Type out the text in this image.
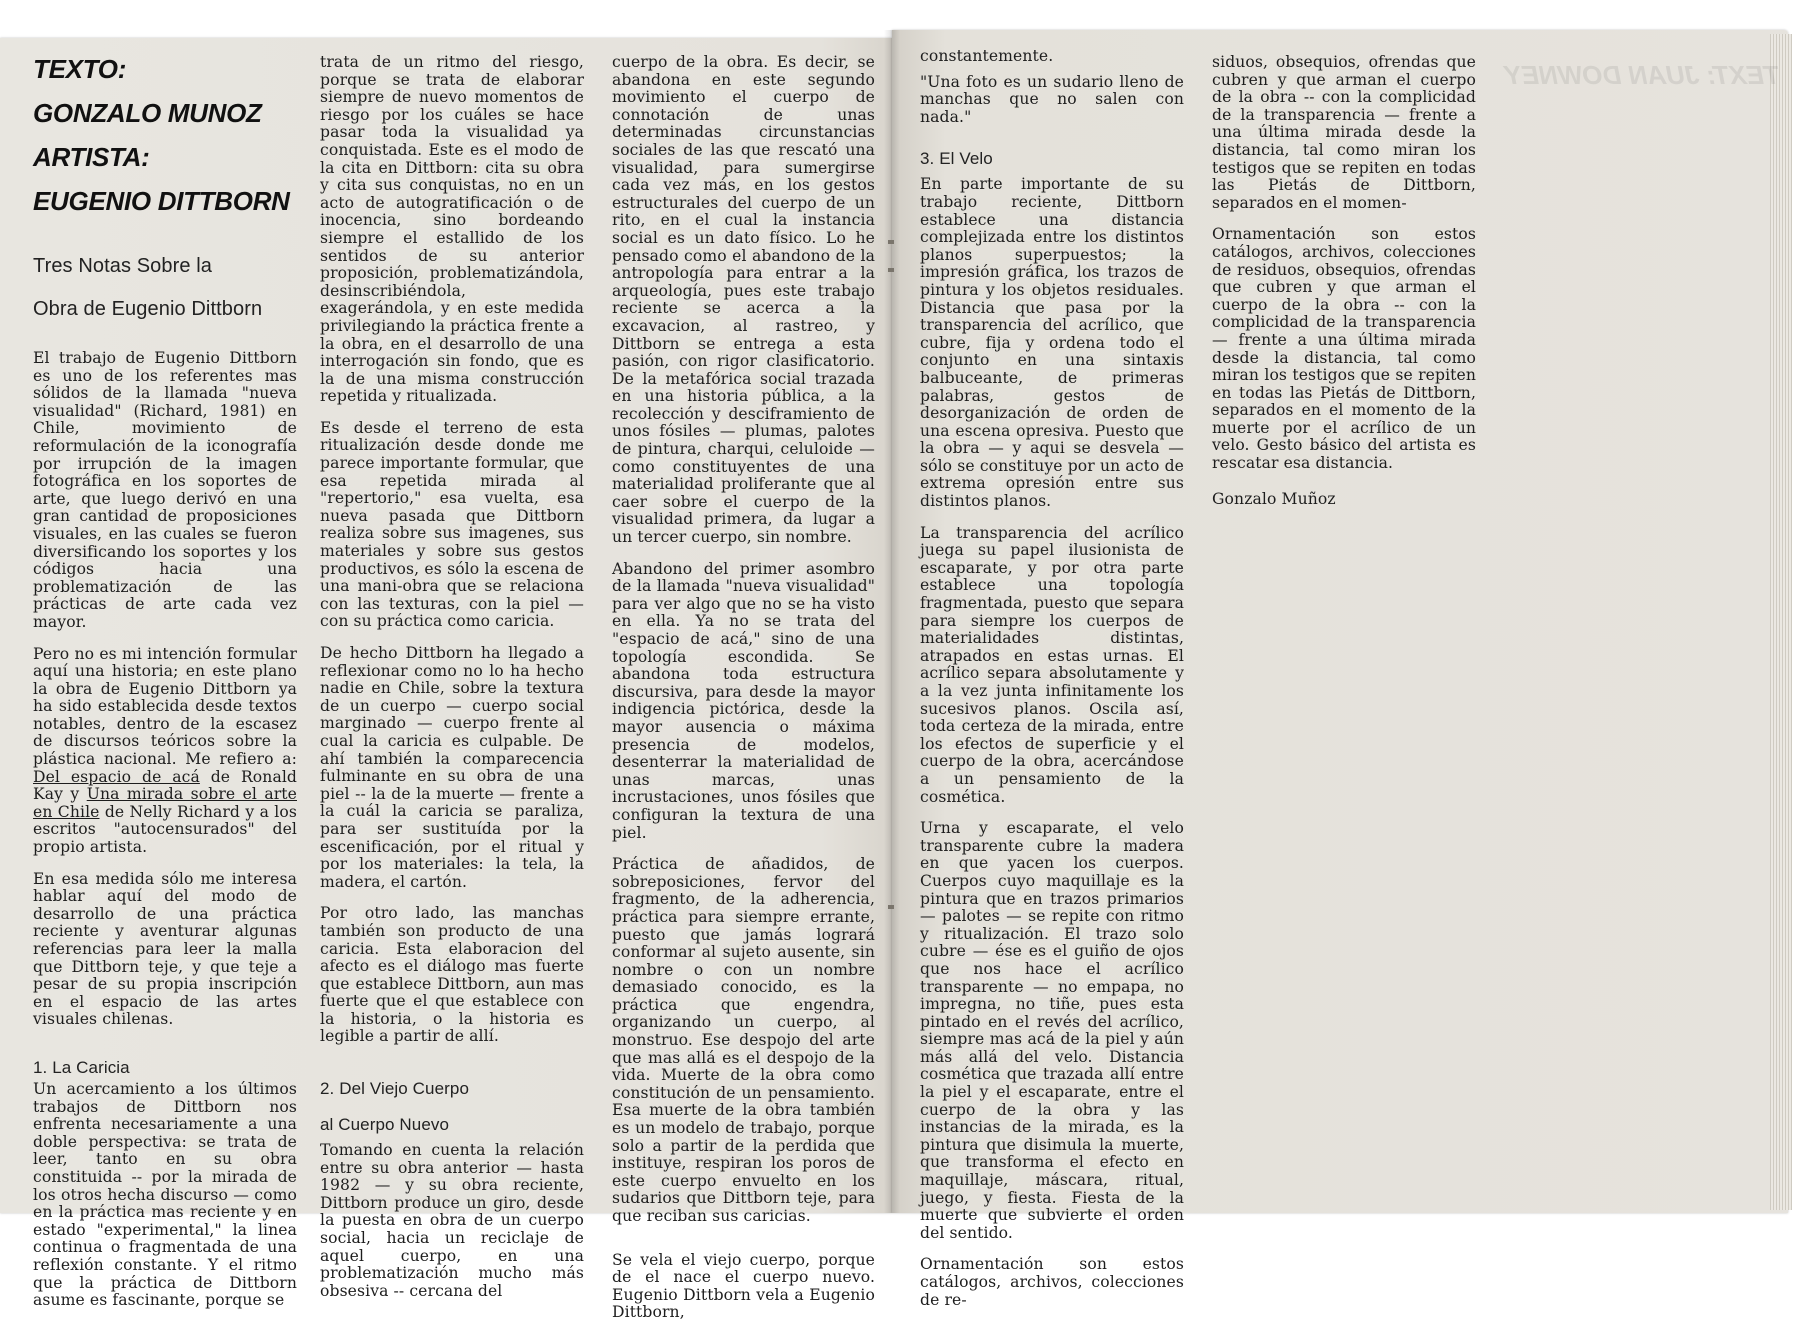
TEXT: JUAN DOWNEY

TEXTO:

GONZALO MUNOZ

ARTISTA:

EUGENIO DITTBORN

Tres Notas Sobre la

Obra de Eugenio Dittborn

El trabajo de Eugenio Dittborn es uno de los referentes mas sólidos de la llamada "nueva visualidad" (Richard, 1981) en Chile, movimiento de reformulación de la iconografía por irrupción de la imagen fotográfica en los soportes de arte, que luego derivó en una gran cantidad de proposiciones visuales, en las cuales se fueron diversificando los soportes y los códigos hacia una problematización de las prácticas de arte cada vez mayor.

Pero no es mi intención formular aquí una historia; en este plano la obra de Eugenio Dittborn ya ha sido establecida desde textos notables, dentro de la escasez de discursos teóricos sobre la plástica nacional. Me refiero a: Del espacio de acá de Ronald Kay y Una mirada sobre el arte en Chile de Nelly Richard y a los escritos "autocensurados" del propio artista.

En esa medida sólo me interesa hablar aquí del modo de desarrollo de una práctica reciente y aventurar algunas referencias para leer la malla que Dittborn teje, y que teje a pesar de su propia inscripción en el espacio de las artes visuales chilenas.

1. La Caricia

Un acercamiento a los últimos trabajos de Dittborn nos enfrenta necesariamente a una doble perspectiva: se trata de leer, tanto en su obra constituida -- por la mirada de los otros hecha discurso — como en la práctica mas reciente y en estado "experimental," la linea continua o fragmentada de una reflexión constante. Y el ritmo que la práctica de Dittborn asume es fascinante, porque se

trata de un ritmo del riesgo, porque se trata de elaborar siempre de nuevo momentos de riesgo por los cuáles se hace pasar toda la visualidad ya conquistada. Este es el modo de la cita en Dittborn: cita su obra y cita sus conquistas, no en un acto de autogratificación o de inocencia, sino bordeando siempre el estallido de los sentidos de su anterior proposición, problematizándola, desinscribiéndola, exagerándola, y en este medida privilegiando la práctica frente a la obra, en el desarrollo de una interrogación sin fondo, que es la de una misma construcción repetida y ritualizada.

Es desde el terreno de esta ritualización desde donde me parece importante formular, que esa repetida mirada al "repertorio," esa vuelta, esa nueva pasada que Dittborn realiza sobre sus imagenes, sus materiales y sobre sus gestos productivos, es sólo la escena de una mani-obra que se relaciona con las texturas, con la piel — con su práctica como caricia.

De hecho Dittborn ha llegado a reflexionar como no lo ha hecho nadie en Chile, sobre la textura de un cuerpo — cuerpo social marginado — cuerpo frente al cual la caricia es culpable. De ahí también la comparecencia fulminante en su obra de una piel -- la de la muerte — frente a la cuál la caricia se paraliza, para ser sustituída por la escenificación, por el ritual y por los materiales: la tela, la madera, el cartón.

Por otro lado, las manchas también son producto de una caricia. Esta elaboracion del afecto es el diálogo mas fuerte que establece Dittborn, aun mas fuerte que el que establece con la historia, o la historia es legible a partir de allí.

2. Del Viejo Cuerpo

al Cuerpo Nuevo

Tomando en cuenta la relación entre su obra anterior — hasta 1982 — y su obra reciente, Dittborn produce un giro, desde la puesta en obra de un cuerpo social, hacia un reciclaje de aquel cuerpo, en una problematización mucho más obsesiva -- cercana del

cuerpo de la obra. Es decir, se abandona en este segundo movimiento el cuerpo de connotación de unas determinadas circunstancias sociales de las que rescató una visualidad, para sumergirse cada vez más, en los gestos estructurales del cuerpo de un rito, en el cual la instancia social es un dato físico. Lo he pensado como el abandono de la antropología para entrar a la arqueología, pues este trabajo reciente se acerca a la excavacion, al rastreo, y Dittborn se entrega a esta pasión, con rigor clasificatorio. De la metafórica social trazada en una historia pública, a la recolección y desciframiento de unos fósiles — plumas, palotes de pintura, charqui, celuloide — como constituyentes de una materialidad proliferante que al caer sobre el cuerpo de la visualidad primera, da lugar a un tercer cuerpo, sin nombre.

Abandono del primer asombro de la llamada "nueva visualidad" para ver algo que no se ha visto en ella. Ya no se trata del "espacio de acá," sino de una topología escondida. Se abandona toda estructura discursiva, para desde la mayor indigencia pictórica, desde la mayor ausencia o máxima presencia de modelos, desenterrar la materialidad de unas marcas, unas incrustaciones, unos fósiles que configuran la textura de una piel.

Práctica de añadidos, de sobreposiciones, fervor del fragmento, de la adherencia, práctica para siempre errante, puesto que jamás logrará conformar al sujeto ausente, sin nombre o con un nombre demasiado conocido, es la práctica que engendra, organizando un cuerpo, al monstruo. Ese despojo del arte que mas allá es el despojo de la vida. Muerte de la obra como constitución de un pensamiento. Esa muerte de la obra también es un modelo de trabajo, porque solo a partir de la perdida que instituye, respiran los poros de este cuerpo envuelto en los sudarios que Dittborn teje, para que reciban sus caricias.

Se vela el viejo cuerpo, porque de el nace el cuerpo nuevo. Eugenio Dittborn vela a Eugenio Dittborn,

constantemente.

"Una foto es un sudario lleno de manchas que no salen con nada."

3. El Velo

En parte importante de su trabajo reciente, Dittborn establece una distancia complejizada entre los distintos planos superpuestos; la impresión gráfica, los trazos de pintura y los objetos residuales. Distancia que pasa por la transparencia del acrílico, que cubre, fija y ordena todo el conjunto en una sintaxis balbuceante, de primeras palabras, gestos de desorganización de orden de una escena opresiva. Puesto que la obra — y aqui se desvela — sólo se constituye por un acto de extrema opresión entre sus distintos planos.

La transparencia del acrílico juega su papel ilusionista de escaparate, y por otra parte establece una topología fragmentada, puesto que separa para siempre los cuerpos de materialidades distintas, atrapados en estas urnas. El acrílico separa absolutamente y a la vez junta infinitamente los sucesivos planos. Oscila así, toda certeza de la mirada, entre los efectos de superficie y el cuerpo de la obra, acercándose a un pensamiento de la cosmética.

Urna y escaparate, el velo transparente cubre la madera en que yacen los cuerpos. Cuerpos cuyo maquillaje es la pintura que en trazos primarios — palotes — se repite con ritmo y ritualización. El trazo solo cubre — ése es el guiño de ojos que nos hace el acrílico transparente — no empapa, no impregna, no tiñe, pues esta pintado en el revés del acrílico, siempre mas acá de la piel y aún más allá del velo. Distancia cosmética que trazada allí entre la piel y el escaparate, entre el cuerpo de la obra y las instancias de la mirada, es la pintura que disimula la muerte, que transforma el efecto en maquillaje, máscara, ritual, juego, y fiesta. Fiesta de la muerte que subvierte el orden del sentido.

Ornamentación son estos catálogos, archivos, colecciones de re-

siduos, obsequios, ofrendas que cubren y que arman el cuerpo de la obra -- con la complicidad de la transparencia — frente a una última mirada desde la distancia, tal como miran los testigos que se repiten en todas las Pietás de Dittborn, separados en el momen-

Ornamentación son estos catálogos, archivos, colecciones de residuos, obsequios, ofrendas que cubren y que arman el cuerpo de la obra -- con la complicidad de la transparencia — frente a una última mirada desde la distancia, tal como miran los testigos que se repiten en todas las Pietás de Dittborn, separados en el momento de la muerte por el acrílico de un velo. Gesto básico del artista es rescatar esa distancia.

Gonzalo Muñoz
